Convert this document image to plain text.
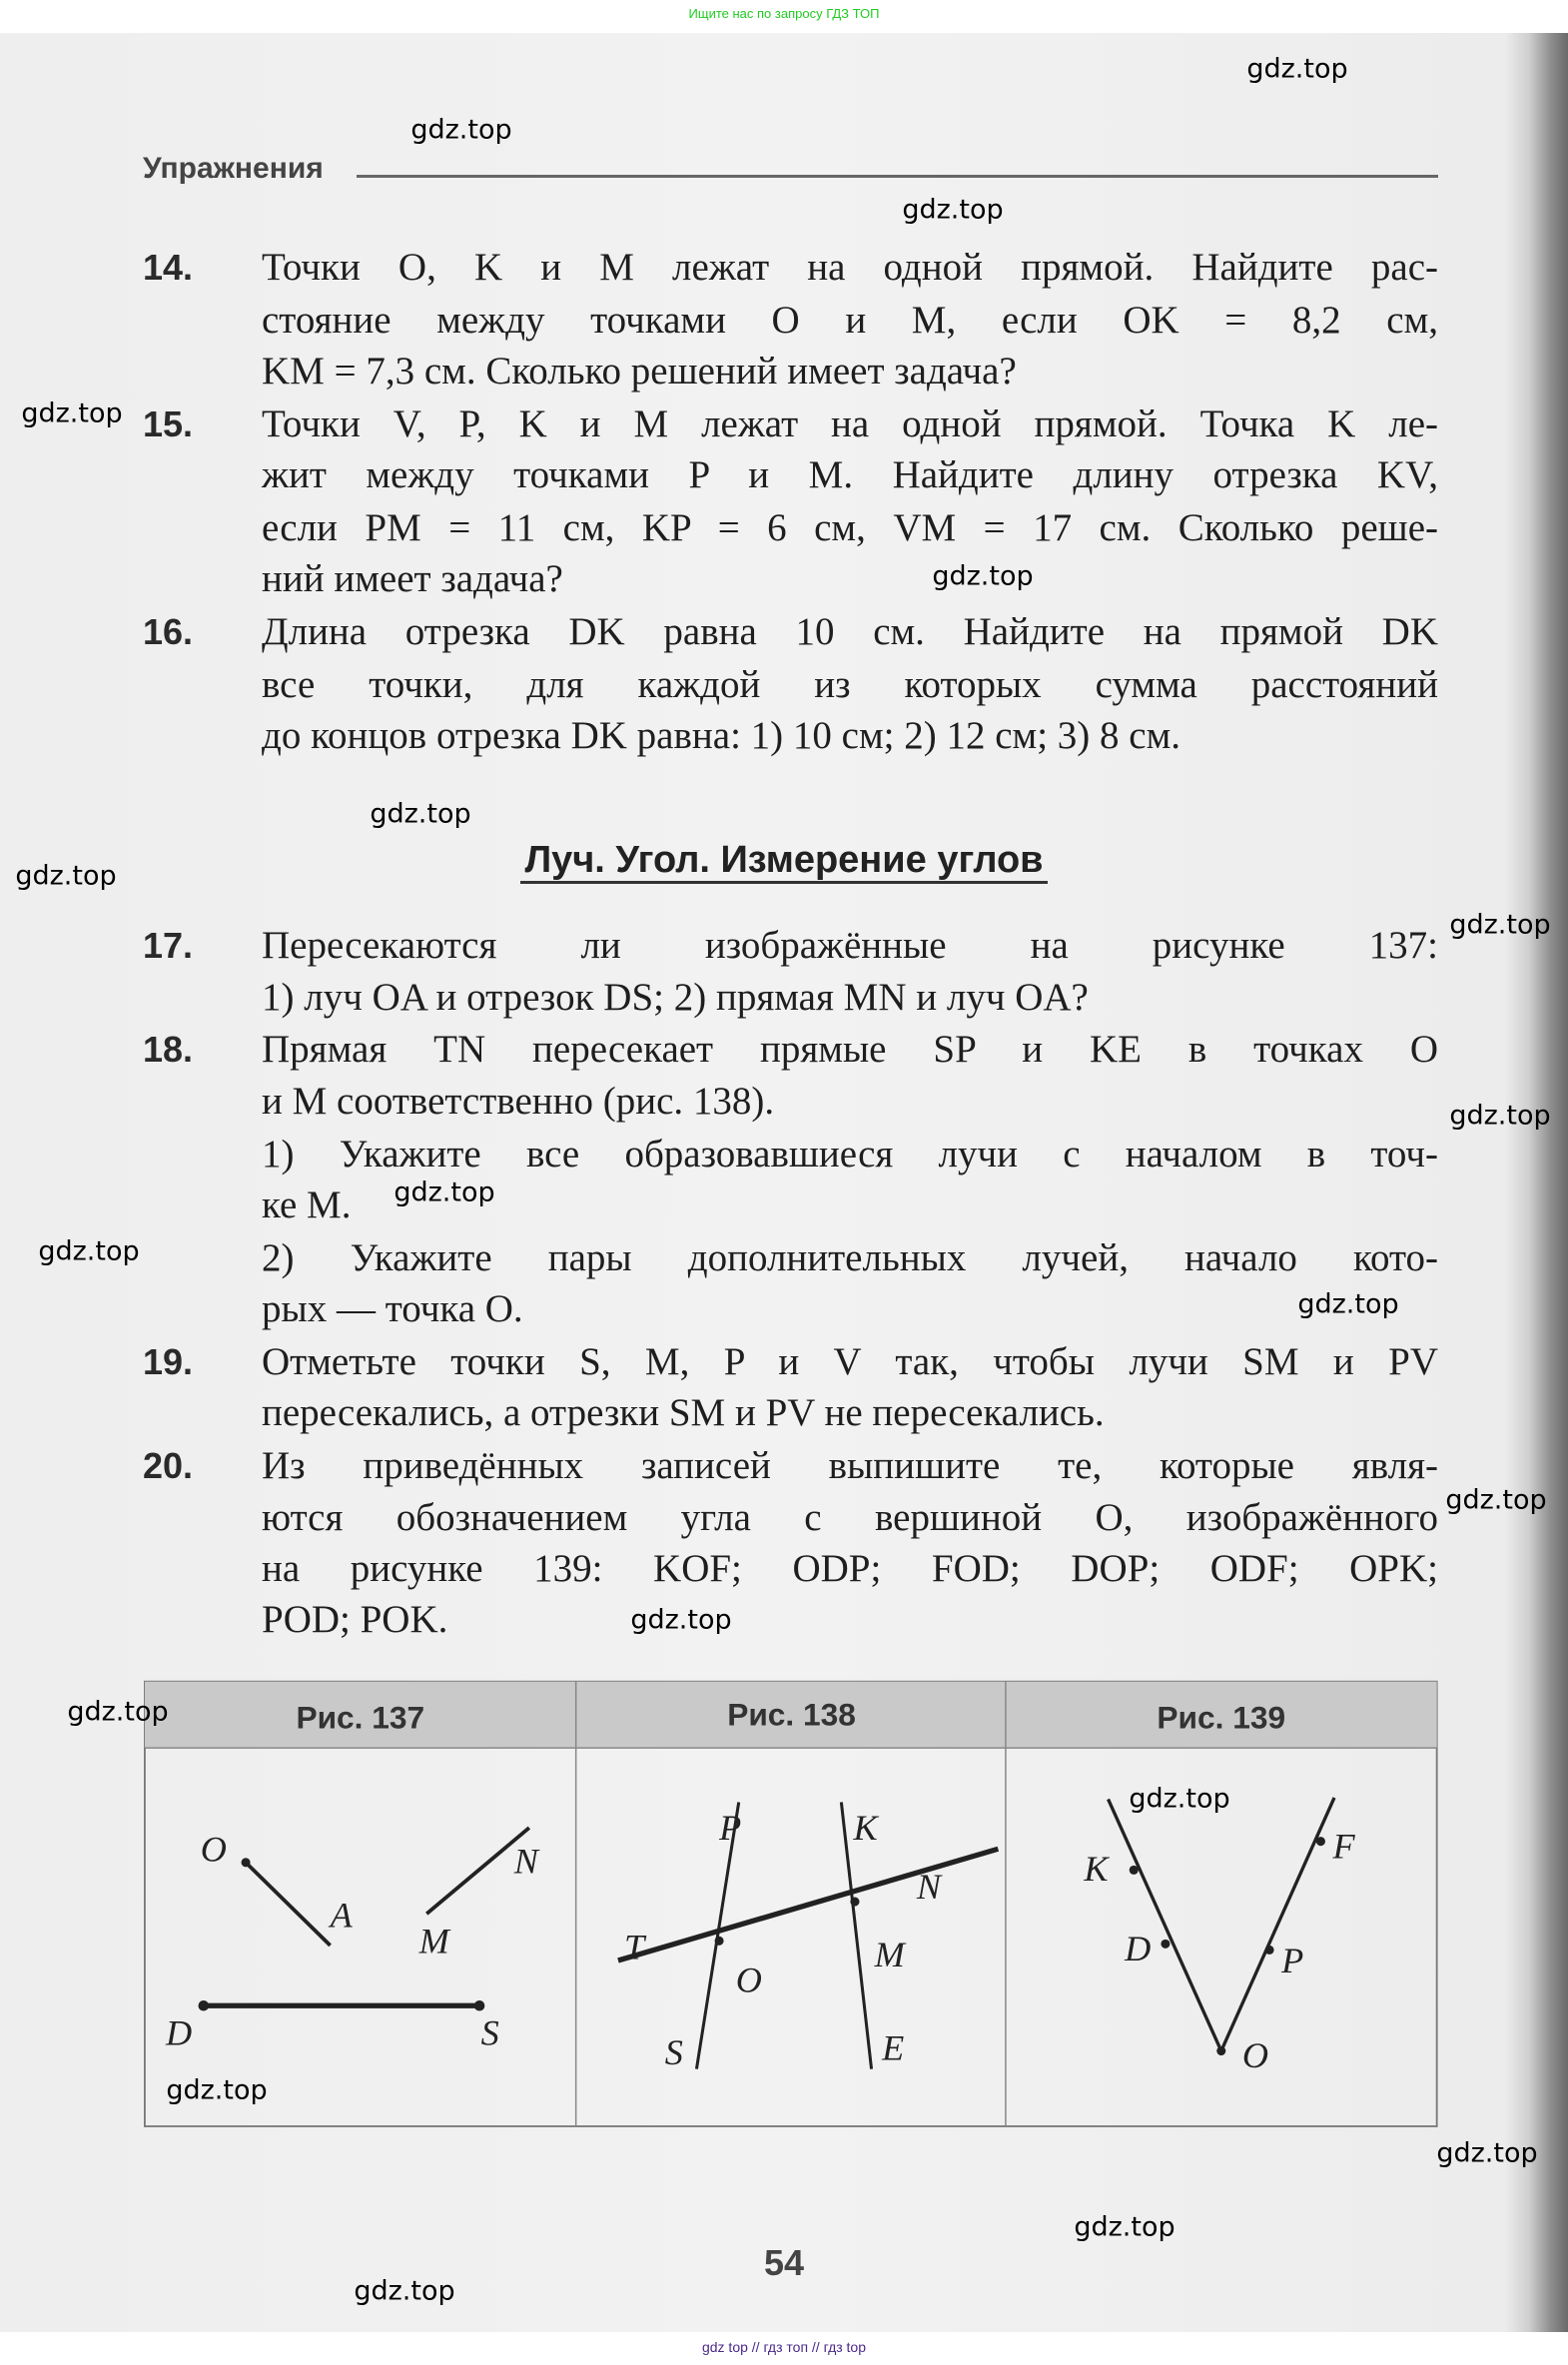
Ищите нас по запросу ГДЗ ТОП
Упражнения
14. Точки O, K и M лежат на одной прямой. Найдите рас-
стояние между точками O и M, если OK = 8,2 см,
KM = 7,3 см. Сколько решений имеет задача?
15. Точки V, P, K и M лежат на одной прямой. Точка K ле-
жит между точками P и M. Найдите длину отрезка KV,
если PM = 11 см, KP = 6 см, VM = 17 см. Сколько реше-
ний имеет задача?
16. Длина отрезка DK равна 10 см. Найдите на прямой DK
все точки, для каждой из которых сумма расстояний
до концов отрезка DK равна: 1) 10 см; 2) 12 см; 3) 8 см.
Луч. Угол. Измерение углов
17. Пересекаются ли изображённые на рисунке 137:
1) луч OA и отрезок DS; 2) прямая MN и луч OA?
18. Прямая TN пересекает прямые SP и KE в точках O
и M соответственно (рис. 138).
1) Укажите все образовавшиеся лучи с началом в точ-
ке M.
2) Укажите пары дополнительных лучей, начало кото-
рых — точка O.
19. Отметьте точки S, M, P и V так, чтобы лучи SM и PV
пересекались, а отрезки SM и PV не пересекались.
20. Из приведённых записей выпишите те, которые явля-
ются обозначением угла с вершиной O, изображённого
на рисунке 139: KOF; ODP; FOD; DOP; ODF; OPK;
POD; POK.
Рис. 137	Рис. 138	Рис. 139
O
A
N
M
D	S
P	K
N
T
O
M
S	E
K
F
D	P
O
54
gdz.top
gdz.top
gdz.top
gdz.top
gdz.top
gdz.top
gdz.top
gdz.top
gdz.top
gdz.top
gdz.top
gdz.top
gdz.top
gdz.top
gdz.top
gdz.top
gdz.top
gdz.top
gdz.top
gdz.top
gdz top // гдз топ // гдз top
